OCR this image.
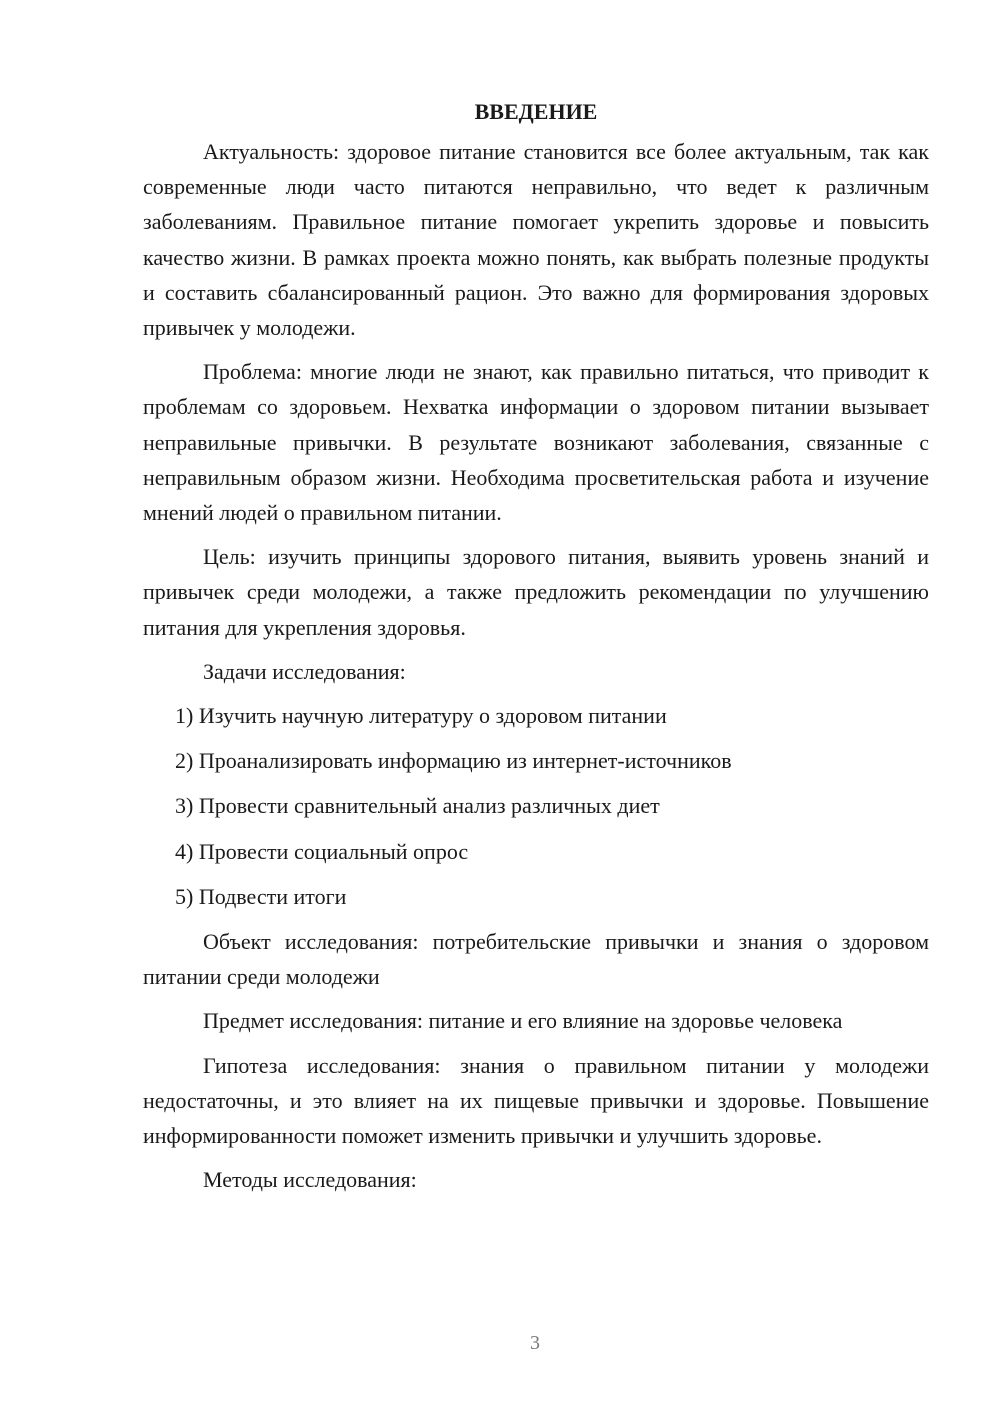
ВВЕДЕНИЕ

Актуальность: здоровое питание становится все более актуальным, так как современные люди часто питаются неправильно, что ведет к различным заболеваниям. Правильное питание помогает укрепить здоровье и повысить качество жизни. В рамках проекта можно понять, как выбрать полезные продукты и составить сбалансированный рацион. Это важно для формирования здоровых привычек у молодежи.

Проблема: многие люди не знают, как правильно питаться, что приводит к проблемам со здоровьем. Нехватка информации о здоровом питании вызывает неправильные привычки. В результате возникают заболевания, связанные с неправильным образом жизни. Необходима просветительская работа и изучение мнений людей о правильном питании.

Цель: изучить принципы здорового питания, выявить уровень знаний и привычек среди молодежи, а также предложить рекомендации по улучшению питания для укрепления здоровья.

Задачи исследования:

1) Изучить научную литературу о здоровом питании
2) Проанализировать информацию из интернет-источников
3) Провести сравнительный анализ различных диет
4) Провести социальный опрос
5) Подвести итоги

Объект исследования: потребительские привычки и знания о здоровом питании среди молодежи

Предмет исследования: питание и его влияние на здоровье человека

Гипотеза исследования: знания о правильном питании у молодежи недостаточны, и это влияет на их пищевые привычки и здоровье. Повышение информированности поможет изменить привычки и улучшить здоровье.

Методы исследования:

3
